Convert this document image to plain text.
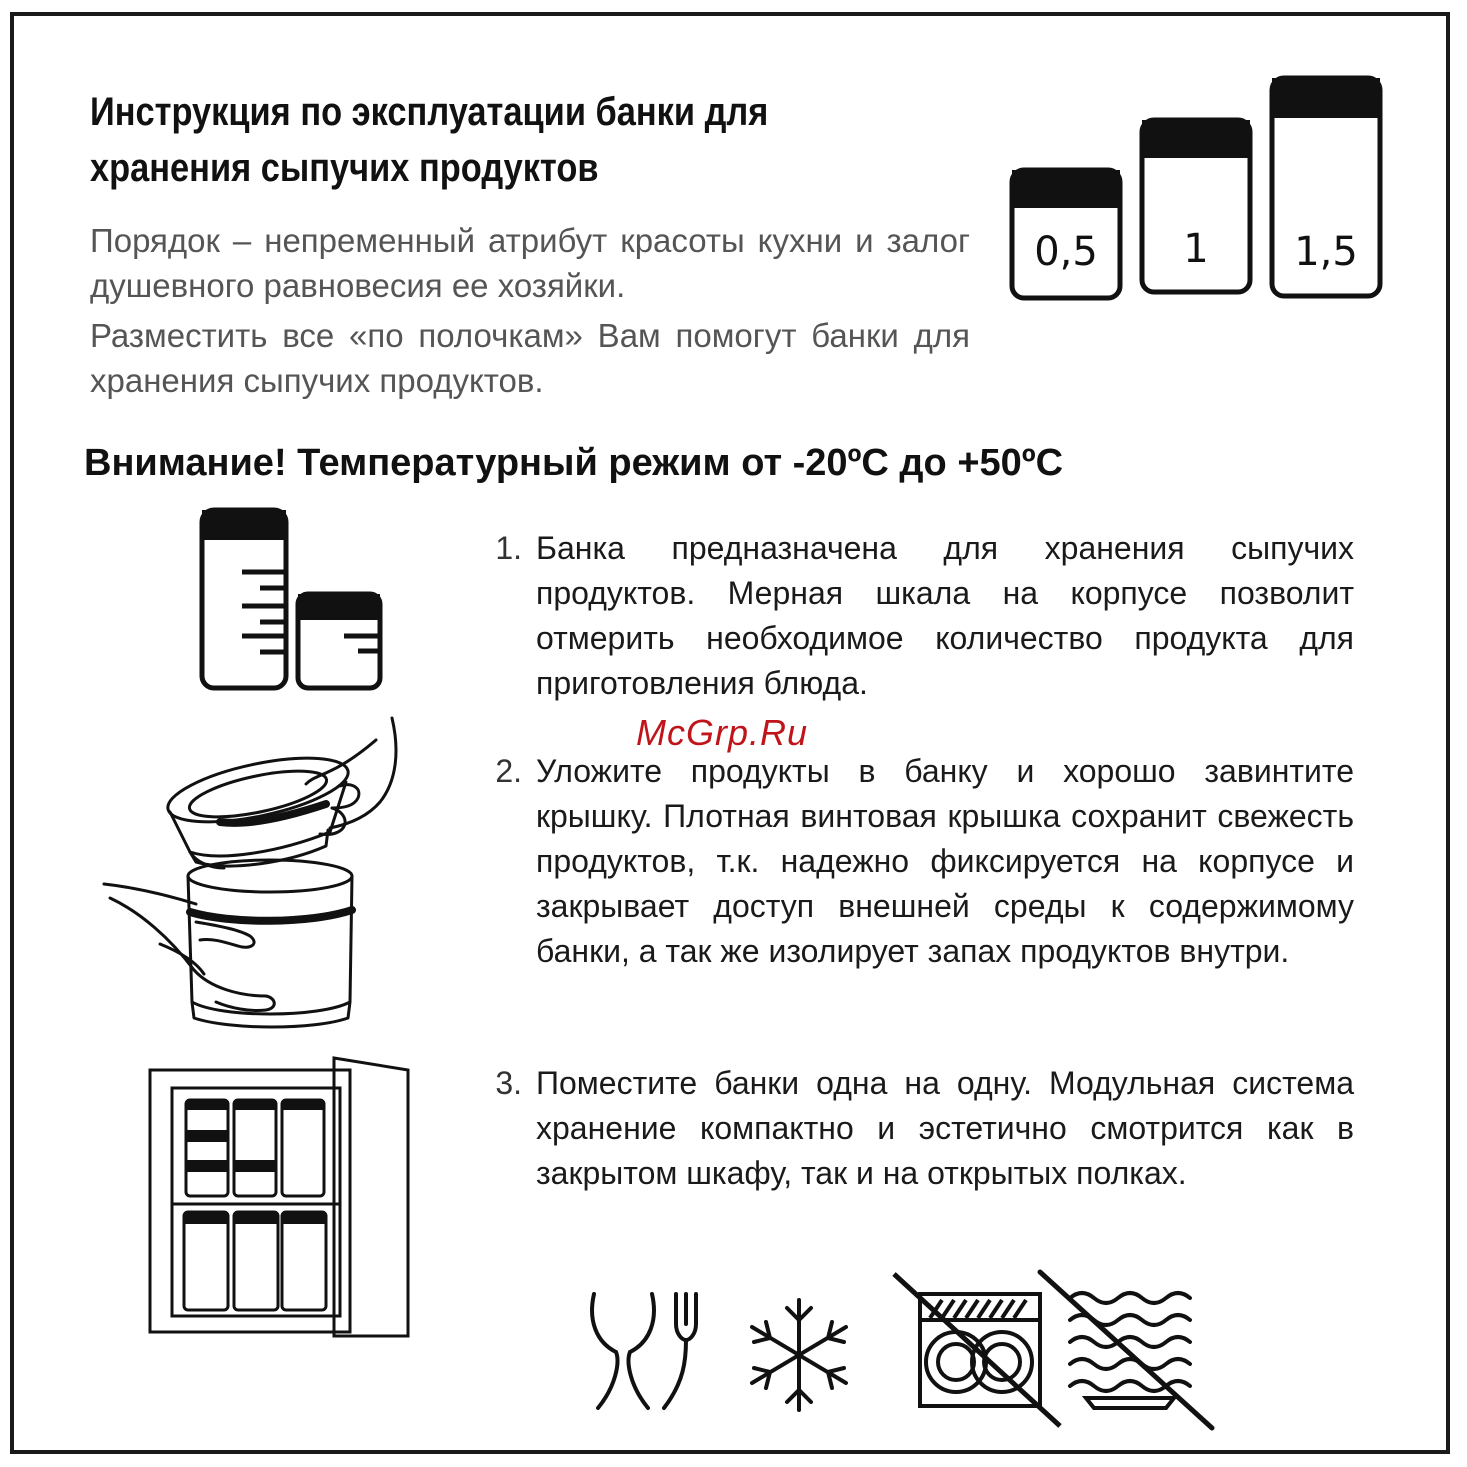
Инструкция по эксплуатации банки для хранения сыпучих продуктов

Порядок – непременный атрибут красоты кухни и залог душевного равновесия ее хозяйки.

Разместить все «по полочкам» Вам помогут банки для хранения сыпучих продуктов.

0,5 1 1,5

Внимание! Температурный режим от -20ºC до +50ºC

1. Банка предназначена для хранения сыпучих продуктов. Мерная шкала на корпусе позволит отмерить необходимое количество продукта для приготовления блюда.
McGrp.Ru
2. Уложите продукты в банку и хорошо завинтите крышку. Плотная винтовая крышка сохранит свежесть продуктов, т.к. надежно фиксируется на корпусе и закрывает доступ внешней среды к содержимому банки, а так же изолирует запах продуктов внутри.
3. Поместите банки одна на одну. Модульная система хранение компактно и эстетично смотрится как в закрытом шкафу, так и на открытых полках.
